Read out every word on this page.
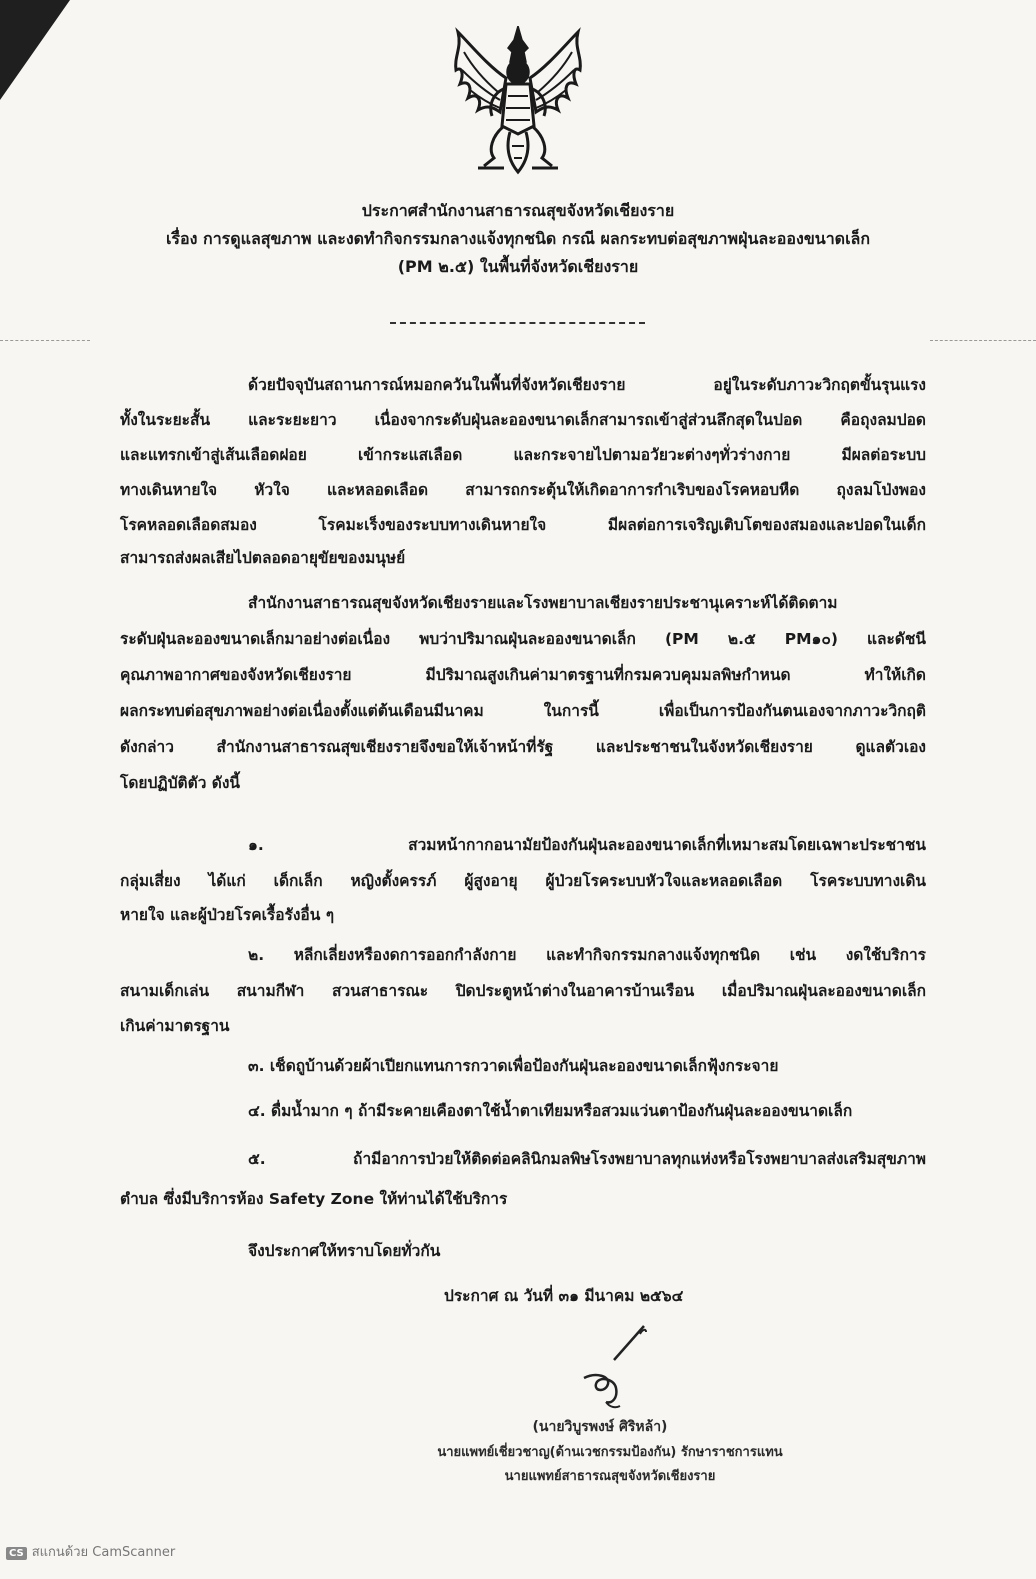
ประกาศสำนักงานสาธารณสุขจังหวัดเชียงราย
เรื่อง การดูแลสุขภาพ และงดทำกิจกรรมกลางแจ้งทุกชนิด กรณี ผลกระทบต่อสุขภาพฝุ่นละอองขนาดเล็ก
(PM ๒.๕) ในพื้นที่จังหวัดเชียงราย
ด้วยปัจจุบันสถานการณ์หมอกควันในพื้นที่จังหวัดเชียงราย อยู่ในระดับภาวะวิกฤตขั้นรุนแรง
ทั้งในระยะสั้น และระยะยาว เนื่องจากระดับฝุ่นละอองขนาดเล็กสามารถเข้าสู่ส่วนลึกสุดในปอด คือถุงลมปอด
และแทรกเข้าสู่เส้นเลือดฝอย เข้ากระแสเลือด และกระจายไปตามอวัยวะต่างๆทั่วร่างกาย มีผลต่อระบบ
ทางเดินหายใจ หัวใจ และหลอดเลือด สามารถกระตุ้นให้เกิดอาการกำเริบของโรคหอบหืด ถุงลมโป่งพอง
โรคหลอดเลือดสมอง โรคมะเร็งของระบบทางเดินหายใจ มีผลต่อการเจริญเติบโตของสมองและปอดในเด็ก
สามารถส่งผลเสียไปตลอดอายุขัยของมนุษย์
สำนักงานสาธารณสุขจังหวัดเชียงรายและโรงพยาบาลเชียงรายประชานุเคราะห์ได้ติดตาม
ระดับฝุ่นละอองขนาดเล็กมาอย่างต่อเนื่อง พบว่าปริมาณฝุ่นละอองขนาดเล็ก (PM ๒.๕ PM๑๐) และดัชนี
คุณภาพอากาศของจังหวัดเชียงราย มีปริมาณสูงเกินค่ามาตรฐานที่กรมควบคุมมลพิษกำหนด ทำให้เกิด
ผลกระทบต่อสุขภาพอย่างต่อเนื่องตั้งแต่ต้นเดือนมีนาคม ในการนี้ เพื่อเป็นการป้องกันตนเองจากภาวะวิกฤติ
ดังกล่าว สำนักงานสาธารณสุขเชียงรายจึงขอให้เจ้าหน้าที่รัฐ และประชาชนในจังหวัดเชียงราย ดูแลตัวเอง
โดยปฏิบัติตัว ดังนี้
๑. สวมหน้ากากอนามัยป้องกันฝุ่นละอองขนาดเล็กที่เหมาะสมโดยเฉพาะประชาชน
กลุ่มเสี่ยง ได้แก่ เด็กเล็ก หญิงตั้งครรภ์ ผู้สูงอายุ ผู้ป่วยโรคระบบหัวใจและหลอดเลือด โรคระบบทางเดิน
หายใจ และผู้ป่วยโรคเรื้อรังอื่น ๆ
๒. หลีกเลี่ยงหรืองดการออกกำลังกาย และทำกิจกรรมกลางแจ้งทุกชนิด เช่น งดใช้บริการ
สนามเด็กเล่น สนามกีฬา สวนสาธารณะ ปิดประตูหน้าต่างในอาคารบ้านเรือน เมื่อปริมาณฝุ่นละอองขนาดเล็ก
เกินค่ามาตรฐาน
๓. เช็ดถูบ้านด้วยผ้าเปียกแทนการกวาดเพื่อป้องกันฝุ่นละอองขนาดเล็กฟุ้งกระจาย
๔. ดื่มน้ำมาก ๆ ถ้ามีระคายเคืองตาใช้น้ำตาเทียมหรือสวมแว่นตาป้องกันฝุ่นละอองขนาดเล็ก
๕. ถ้ามีอาการป่วยให้ติดต่อคลินิกมลพิษโรงพยาบาลทุกแห่งหรือโรงพยาบาลส่งเสริมสุขภาพ
ตำบล ซึ่งมีบริการห้อง Safety Zone ให้ท่านได้ใช้บริการ
จึงประกาศให้ทราบโดยทั่วกัน
ประกาศ ณ วันที่ ๓๑ มีนาคม ๒๕๖๔
(นายวิบูรพงษ์ ศิริหล้า)
นายแพทย์เชี่ยวชาญ(ด้านเวชกรรมป้องกัน) รักษาราชการแทน
นายแพทย์สาธารณสุขจังหวัดเชียงราย
CS สแกนด้วย CamScanner
